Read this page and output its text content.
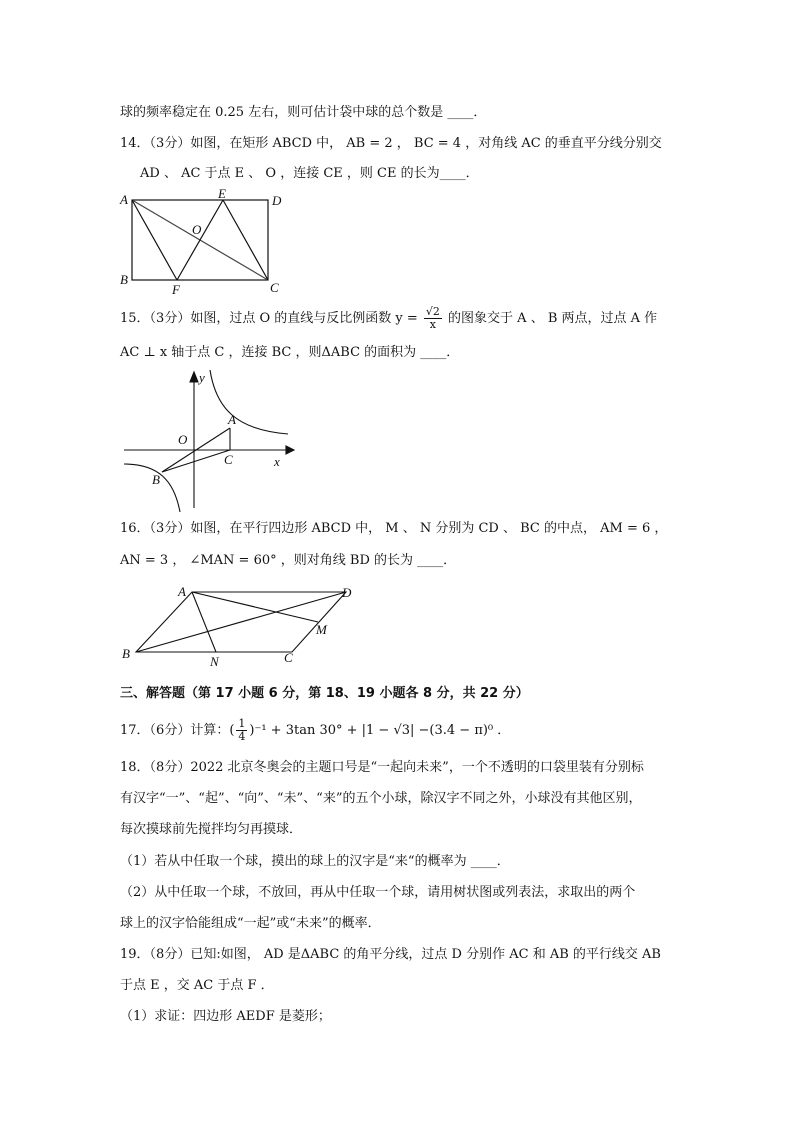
球的频率稳定在 0.25 左右，则可估计袋中球的总个数是 ____．
14．（3分）如图，在矩形 ABCD 中， AB = 2 ， BC = 4 ，对角线 AC 的垂直平分线分别交
AD 、 AC 于点 E 、 O ，连接 CE ，则 CE 的长为____．
A	D
E
O
B
F	C
15．（3分）如图，过点 O 的直线与反比例函数 $y = \frac{√2}{x}$ 的图象交于 A 、 B 两点，过点 A 作
AC ⊥ x 轴于点 C ，连接 BC ，则ΔABC 的面积为 ____．
y
x
O
A
C
B
16．（3分）如图，在平行四边形 ABCD 中， M 、 N 分别为 CD 、 BC 的中点， AM = 6 ，
AN = 3 ， ∠MAN = 60° ，则对角线 BD 的长为 ____．
A	D
M
B
N	C
三、解答题（第 17 小题 6 分，第 18、19 小题各 8 分，共 22 分）
17．（6分）计算：( $\frac{1}{4} )^{-1} + 3\tan$ 30° + |1 − √3| −(3.4 − π)⁰ ．
18．（8分）2022 北京冬奥会的主题口号是“一起向未来”，一个不透明的口袋里装有分别标
有汉字“一”、“起”、“向”、“未”、“来”的五个小球，除汉字不同之外，小球没有其他区别，
每次摸球前先搅拌均匀再摸球．
（1）若从中任取一个球，摸出的球上的汉字是“来“的概率为 ____．
（2）从中任取一个球，不放回，再从中任取一个球，请用树状图或列表法，求取出的两个
球上的汉字恰能组成“一起”或“未来”的概率．
19．（8分）已知:如图， AD 是ΔABC 的角平分线，过点 D 分别作 AC 和 AB 的平行线交 AB
于点 E ，交 AC 于点 F ．
（1）求证：四边形 AEDF 是菱形；
